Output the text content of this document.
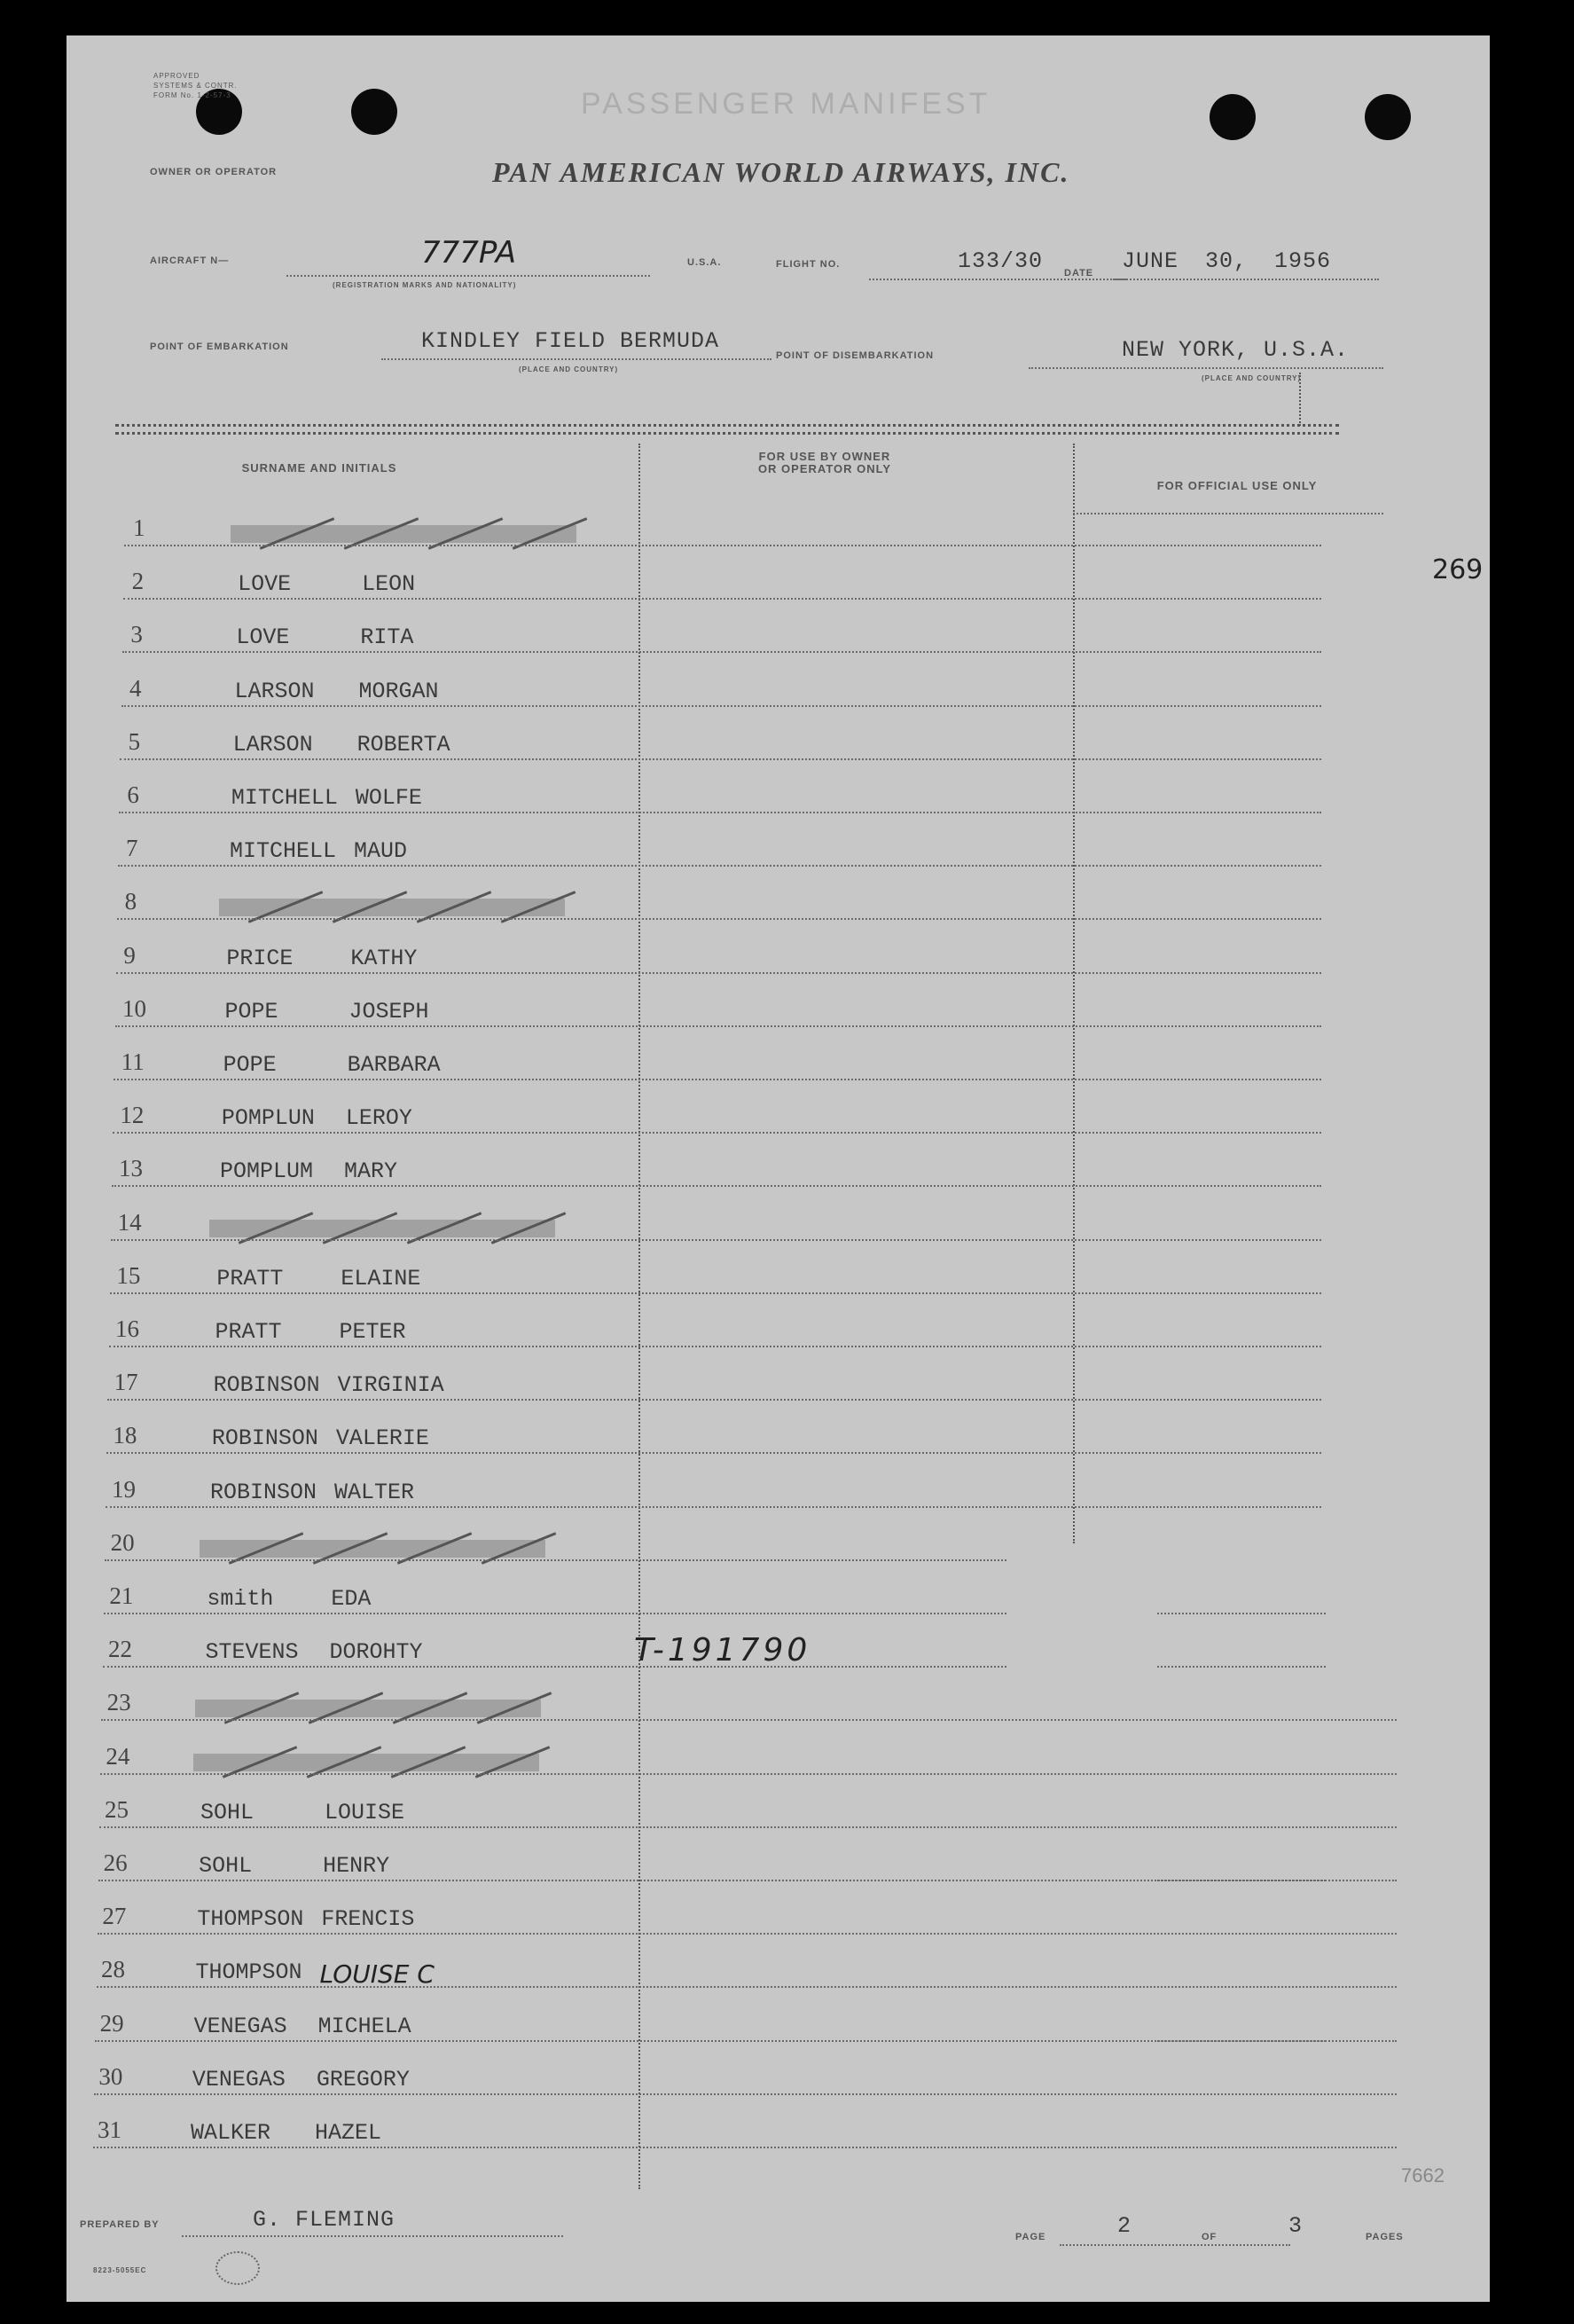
APPROVED
SYSTEMS & CONTR.
FORM No. 1-2-57-3	PASSENGER MANIFEST
OWNER OR OPERATOR	PAN AMERICAN WORLD AIRWAYS, INC.
AIRCRAFT N—	777PA
(REGISTRATION MARKS AND NATIONALITY)
U.S.A.	FLIGHT NO.	133/30 DATE JUNE 30, 1956
POINT OF EMBARKATION	KINDLEY FIELD BERMUDA
(PLACE AND COUNTRY)
POINT OF DISEMBARKATION	NEW YORK, U.S.A.
(PLACE AND COUNTRY)
SURNAME AND INITIALS
FOR USE BY OWNER
OR OPERATOR ONLY
FOR OFFICIAL USE ONLY
269
7662
1
2	LOVE	LEON
3	LOVE	RITA
4	LARSON	MORGAN
5	LARSON	ROBERTA
6	MITCHELL WOLFE
7	MITCHELL MAUD
8
9	PRICE	KATHY
10	POPE	JOSEPH
11	POPE	BARBARA
12	POMPLUN	LEROY
13	POMPLUM	MARY
14
15	PRATT	ELAINE
16	PRATT	PETER
17	ROBINSON VIRGINIA
18	ROBINSON VALERIE
19	ROBINSON WALTER
20
21	smith	EDA
22	STEVENS	DOROHTY
23
24
25	SOHL	LOUISE
26	SOHL	HENRY
27	THOMPSON FRENCIS
28	THOMPSON LOUISE C
29	VENEGAS	MICHELA
30	VENEGAS	GREGORY
31	WALKER	HAZEL
T-191790
PREPARED BY	G. FLEMING
PAGE	2	OF	3	PAGES
8223-5055EC
